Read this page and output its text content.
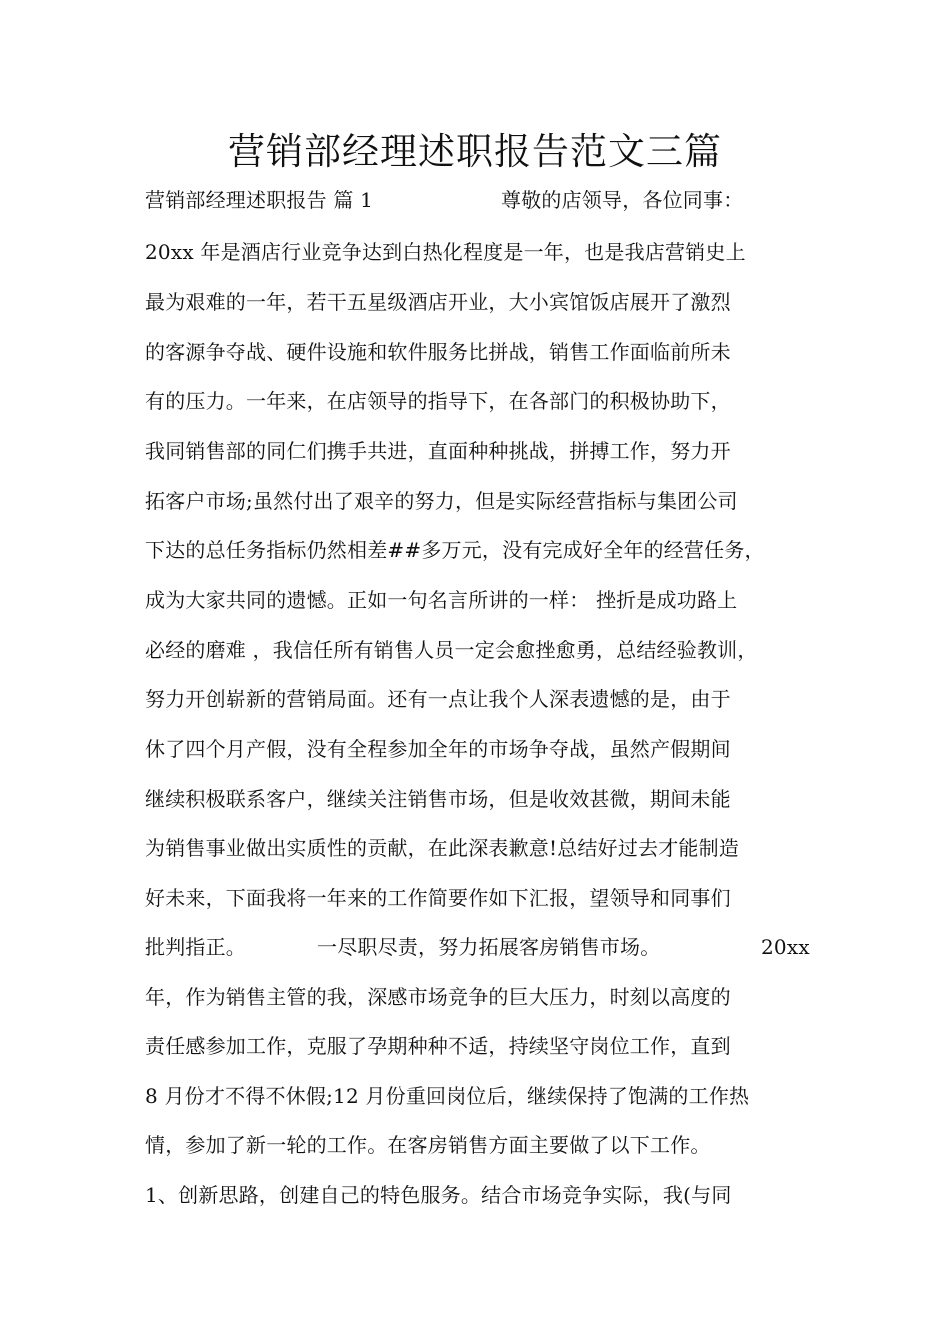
营销部经理述职报告范文三篇
营销部经理述职报告 篇 1	尊敬的店领导，各位同事：
20xx 年是酒店行业竞争达到白热化程度是一年，也是我店营销史上
最为艰难的一年，若干五星级酒店开业，大小宾馆饭店展开了激烈
的客源争夺战、硬件设施和软件服务比拼战，销售工作面临前所未
有的压力。一年来，在店领导的指导下，在各部门的积极协助下，
我同销售部的同仁们携手共进，直面种种挑战，拼搏工作，努力开
拓客户市场;虽然付出了艰辛的努力，但是实际经营指标与集团公司
下达的总任务指标仍然相差##多万元，没有完成好全年的经营任务，
成为大家共同的遗憾。正如一句名言所讲的一样： 挫折是成功路上
必经的磨难 ，我信任所有销售人员一定会愈挫愈勇，总结经验教训，
努力开创崭新的营销局面。还有一点让我个人深表遗憾的是，由于
休了四个月产假，没有全程参加全年的市场争夺战，虽然产假期间
继续积极联系客户，继续关注销售市场，但是收效甚微，期间未能
为销售事业做出实质性的贡献，在此深表歉意!总结好过去才能制造
好未来，下面我将一年来的工作简要作如下汇报，望领导和同事们
批判指正。	一尽职尽责，努力拓展客房销售市场。	20xx
年，作为销售主管的我，深感市场竞争的巨大压力，时刻以高度的
责任感参加工作，克服了孕期种种不适，持续坚守岗位工作，直到
8 月份才不得不休假;12 月份重回岗位后，继续保持了饱满的工作热
情，参加了新一轮的工作。在客房销售方面主要做了以下工作。
1、创新思路，创建自己的特色服务。结合市场竞争实际，我(与同
